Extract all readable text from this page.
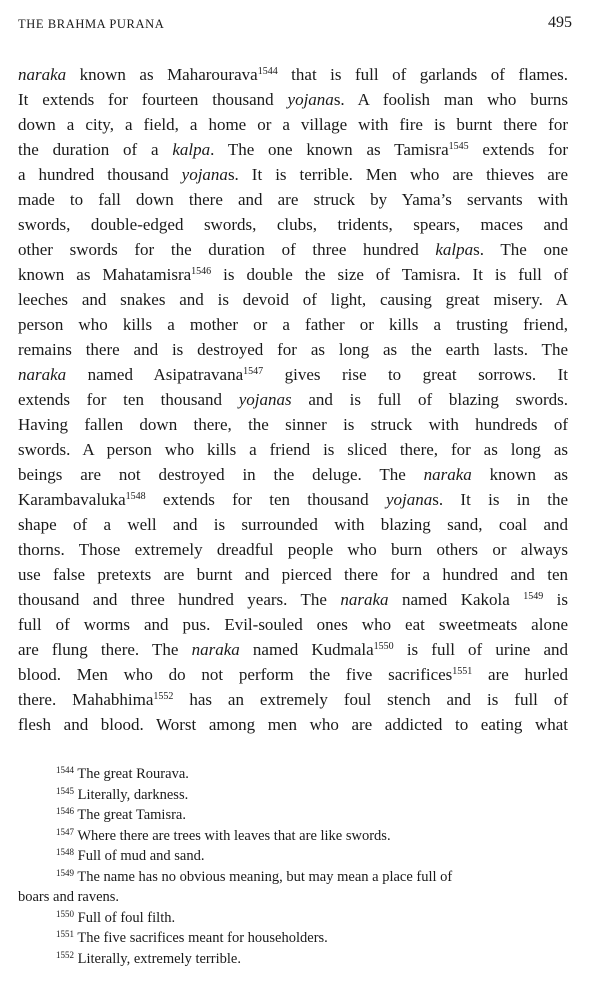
THE BRAHMA PURANA	495
naraka known as Maharourava$^{1544}$ that is full of garlands of flames.
It extends for fourteen thousand yojanas. A foolish man who burns
down a city, a field, a home or a village with fire is burnt there for
the duration of a kalpa. The one known as Tamisra$^{1545}$ extends for
a hundred thousand yojanas. It is terrible. Men who are thieves are
made to fall down there and are struck by Yama’s servants with
swords, double-edged swords, clubs, tridents, spears, maces and
other swords for the duration of three hundred kalpas. The one
known as Mahatamisra$^{1546}$ is double the size of Tamisra. It is full of
leeches and snakes and is devoid of light, causing great misery. A
person who kills a mother or a father or kills a trusting friend,
remains there and is destroyed for as long as the earth lasts. The
naraka named Asipatravana$^{1547}$ gives rise to great sorrows. It
extends for ten thousand yojanas and is full of blazing swords.
Having fallen down there, the sinner is struck with hundreds of
swords. A person who kills a friend is sliced there, for as long as
beings are not destroyed in the deluge. The naraka known as
Karambavaluka$^{1548}$ extends for ten thousand yojanas. It is in the
shape of a well and is surrounded with blazing sand, coal and
thorns. Those extremely dreadful people who burn others or always
use false pretexts are burnt and pierced there for a hundred and ten
thousand and three hundred years. The naraka named Kakola $^{1549}$ is
full of worms and pus. Evil-souled ones who eat sweetmeats alone
are flung there. The naraka named Kudmala$^{1550}$ is full of urine and
blood. Men who do not perform the five sacrifices$^{1551}$ are hurled
there. Mahabhima$^{1552}$ has an extremely foul stench and is full of
flesh and blood. Worst among men who are addicted to eating what
$^{1544}$ The great Rourava.
$^{1545}$ Literally, darkness.
$^{1546}$ The great Tamisra.
$^{1547}$ Where there are trees with leaves that are like swords.
$^{1548}$ Full of mud and sand.
$^{1549}$ The name has no obvious meaning, but may mean a place full of
boars and ravens.
$^{1550}$ Full of foul filth.
$^{1551}$ The five sacrifices meant for householders.
$^{1552}$ Literally, extremely terrible.
